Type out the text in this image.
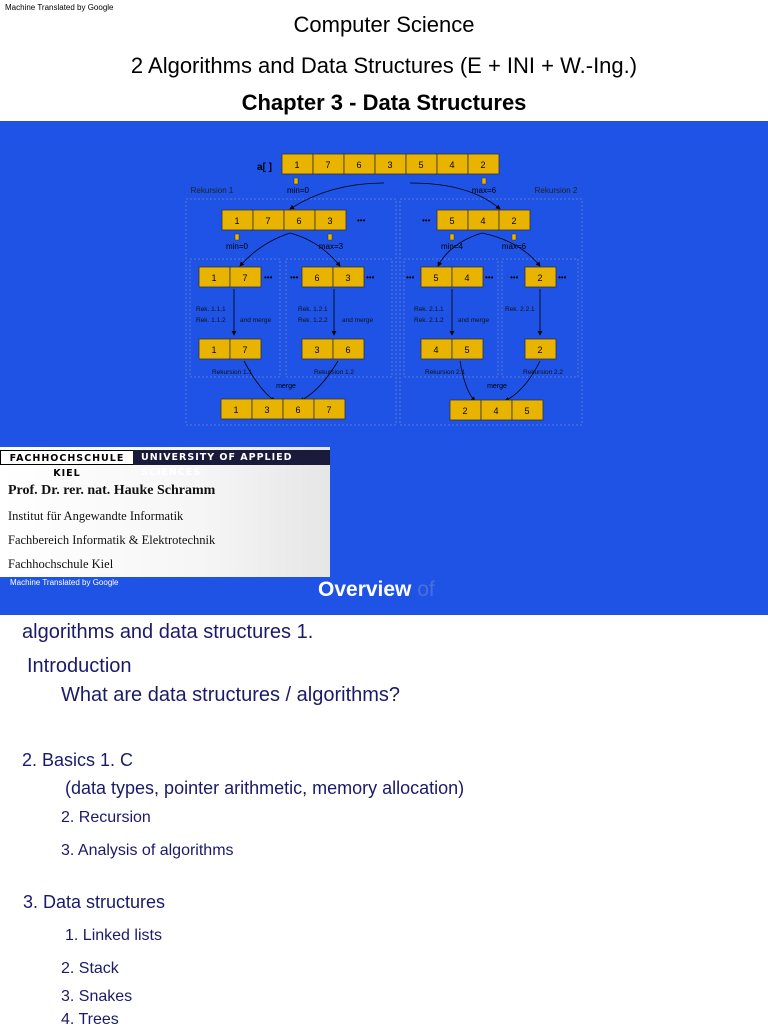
Machine Translated by Google
Computer Science
2 Algorithms and Data Structures (E + INI + W.-Ing.)
Chapter 3 - Data Structures
a[ ] 1	7	6	3	5	4	2
min=0	max=6
Rekursion 1	Rekursion 2
1	7	6	3	5	4	2
•••	•••
min=0	max=3	min=4	max=6
1	7	6	3	5	4	2
••• •••	•••	•••	••• •••	•••
Rek. 1.1.1
Rek. 1.1.2 and merge
Rek. 1.2.1
Rek. 1.2.2 and merge
Rek. 2.1.1
Rek. 2.1.2 and merge
Rek. 2.2.1
1	7	3	6	4	5	2
Rekursion 1.1	Rekursion 1.2	Rekursion 2.1	Rekursion 2.2
merge	merge
1	3	6	7	2	4	5
FACHHOCHSCHULE KIEL
UNIVERSITY OF APPLIED SCIENCES
Prof. Dr. rer. nat. Hauke Schramm
Institut für Angewandte Informatik
Fachbereich Informatik & Elektrotechnik
Fachhochschule Kiel
Machine Translated by Google	Overview of
algorithms and data structures 1.
Introduction
What are data structures / algorithms?
2. Basics 1. C
(data types, pointer arithmetic, memory allocation)
2. Recursion
3. Analysis of algorithms
3. Data structures
1. Linked lists
2. Stack
3. Snakes
4. Trees
